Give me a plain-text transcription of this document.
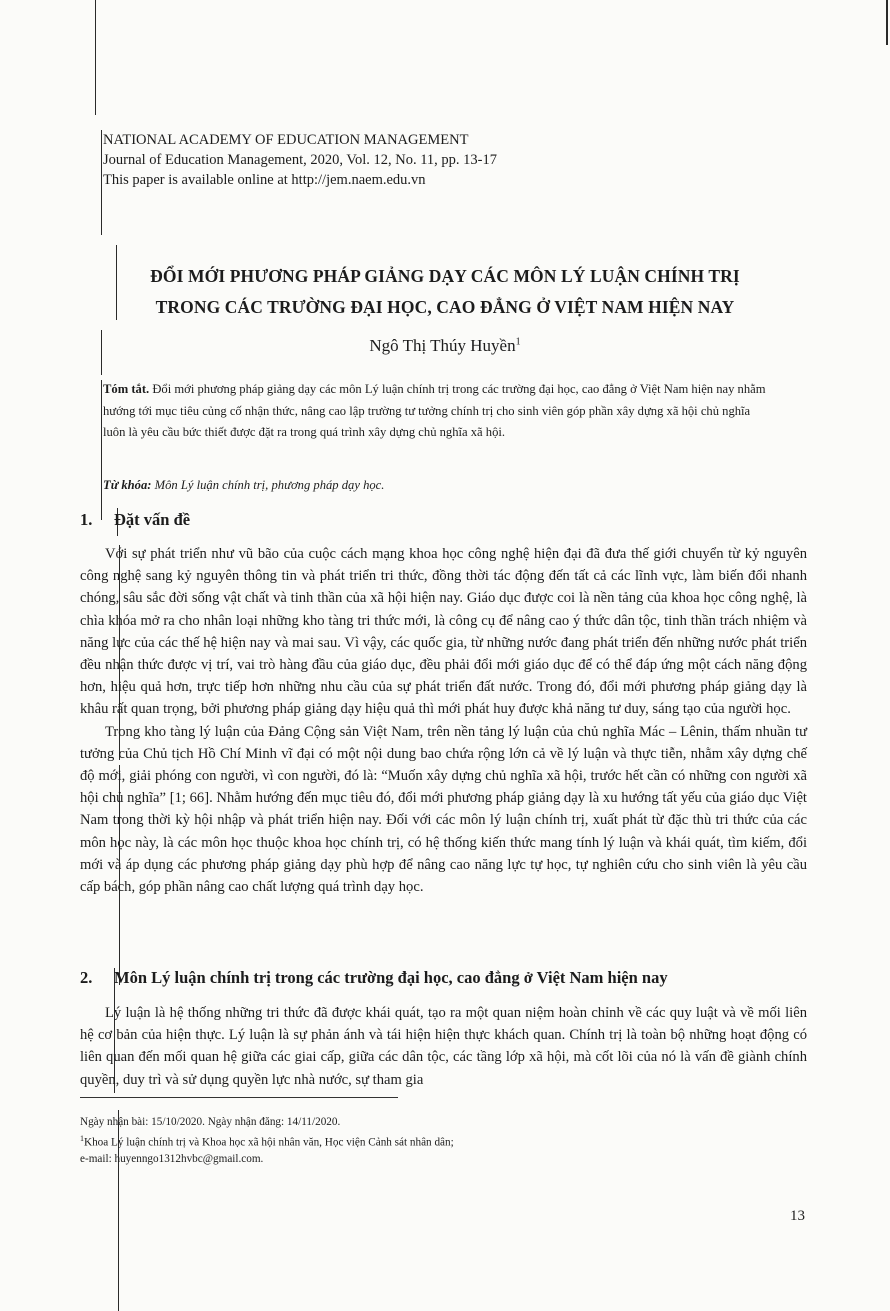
NATIONAL ACADEMY OF EDUCATION MANAGEMENT
Journal of Education Management, 2020, Vol. 12, No. 11, pp. 13-17
This paper is available online at http://jem.naem.edu.vn
ĐỔI MỚI PHƯƠNG PHÁP GIẢNG DẠY CÁC MÔN LÝ LUẬN CHÍNH TRỊ
TRONG CÁC TRƯỜNG ĐẠI HỌC, CAO ĐẲNG Ở VIỆT NAM HIỆN NAY
Ngô Thị Thúy Huyền$^1$
Tóm tắt. Đổi mới phương pháp giảng dạy các môn Lý luận chính trị trong các trường đại học, cao đẳng ở Việt Nam hiện nay nhằm hướng tới mục tiêu củng cố nhận thức, nâng cao lập trường tư tưởng chính trị cho sinh viên góp phần xây dựng xã hội chủ nghĩa luôn là yêu cầu bức thiết được đặt ra trong quá trình xây dựng chủ nghĩa xã hội.
Từ khóa: Môn Lý luận chính trị, phương pháp dạy học.
1. Đặt vấn đề

Với sự phát triển như vũ bão của cuộc cách mạng khoa học công nghệ hiện đại đã đưa thế giới chuyển từ kỷ nguyên công nghệ sang kỷ nguyên thông tin và phát triển tri thức, đồng thời tác động đến tất cả các lĩnh vực, làm biến đổi nhanh chóng, sâu sắc đời sống vật chất và tinh thần của xã hội hiện nay. Giáo dục được coi là nền tảng của khoa học công nghệ, là chìa khóa mở ra cho nhân loại những kho tàng tri thức mới, là công cụ để nâng cao ý thức dân tộc, tinh thần trách nhiệm và năng lực của các thế hệ hiện nay và mai sau. Vì vậy, các quốc gia, từ những nước đang phát triển đến những nước phát triển đều nhận thức được vị trí, vai trò hàng đầu của giáo dục, đều phải đổi mới giáo dục để có thể đáp ứng một cách năng động hơn, hiệu quả hơn, trực tiếp hơn những nhu cầu của sự phát triển đất nước. Trong đó, đổi mới phương pháp giảng dạy là khâu rất quan trọng, bởi phương pháp giảng dạy hiệu quả thì mới phát huy được khả năng tư duy, sáng tạo của người học.

Trong kho tàng lý luận của Đảng Cộng sản Việt Nam, trên nền tảng lý luận của chủ nghĩa Mác – Lênin, thấm nhuần tư tưởng của Chủ tịch Hồ Chí Minh vĩ đại có một nội dung bao chứa rộng lớn cả về lý luận và thực tiễn, nhằm xây dựng chế độ mới, giải phóng con người, vì con người, đó là: “Muốn xây dựng chủ nghĩa xã hội, trước hết cần có những con người xã hội chủ nghĩa” [1; 66]. Nhằm hướng đến mục tiêu đó, đổi mới phương pháp giảng dạy là xu hướng tất yếu của giáo dục Việt Nam trong thời kỳ hội nhập và phát triển hiện nay. Đối với các môn lý luận chính trị, xuất phát từ đặc thù tri thức của các môn học này, là các môn học thuộc khoa học chính trị, có hệ thống kiến thức mang tính lý luận và khái quát, tìm kiếm, đổi mới và áp dụng các phương pháp giảng dạy phù hợp để nâng cao năng lực tự học, tự nghiên cứu cho sinh viên là yêu cầu cấp bách, góp phần nâng cao chất lượng quá trình dạy học.

2. Môn Lý luận chính trị trong các trường đại học, cao đẳng ở Việt Nam hiện nay

Lý luận là hệ thống những tri thức đã được khái quát, tạo ra một quan niệm hoàn chỉnh về các quy luật và về mối liên hệ cơ bản của hiện thực. Lý luận là sự phản ánh và tái hiện hiện thực khách quan. Chính trị là toàn bộ những hoạt động có liên quan đến mối quan hệ giữa các giai cấp, giữa các dân tộc, các tầng lớp xã hội, mà cốt lõi của nó là vấn đề giành chính quyền, duy trì và sử dụng quyền lực nhà nước, sự tham gia

Ngày nhận bài: 15/10/2020. Ngày nhận đăng: 14/11/2020.
$^1$Khoa Lý luận chính trị và Khoa học xã hội nhân văn, Học viện Cảnh sát nhân dân;
e-mail: huyenngo1312hvbc@gmail.com.
13
